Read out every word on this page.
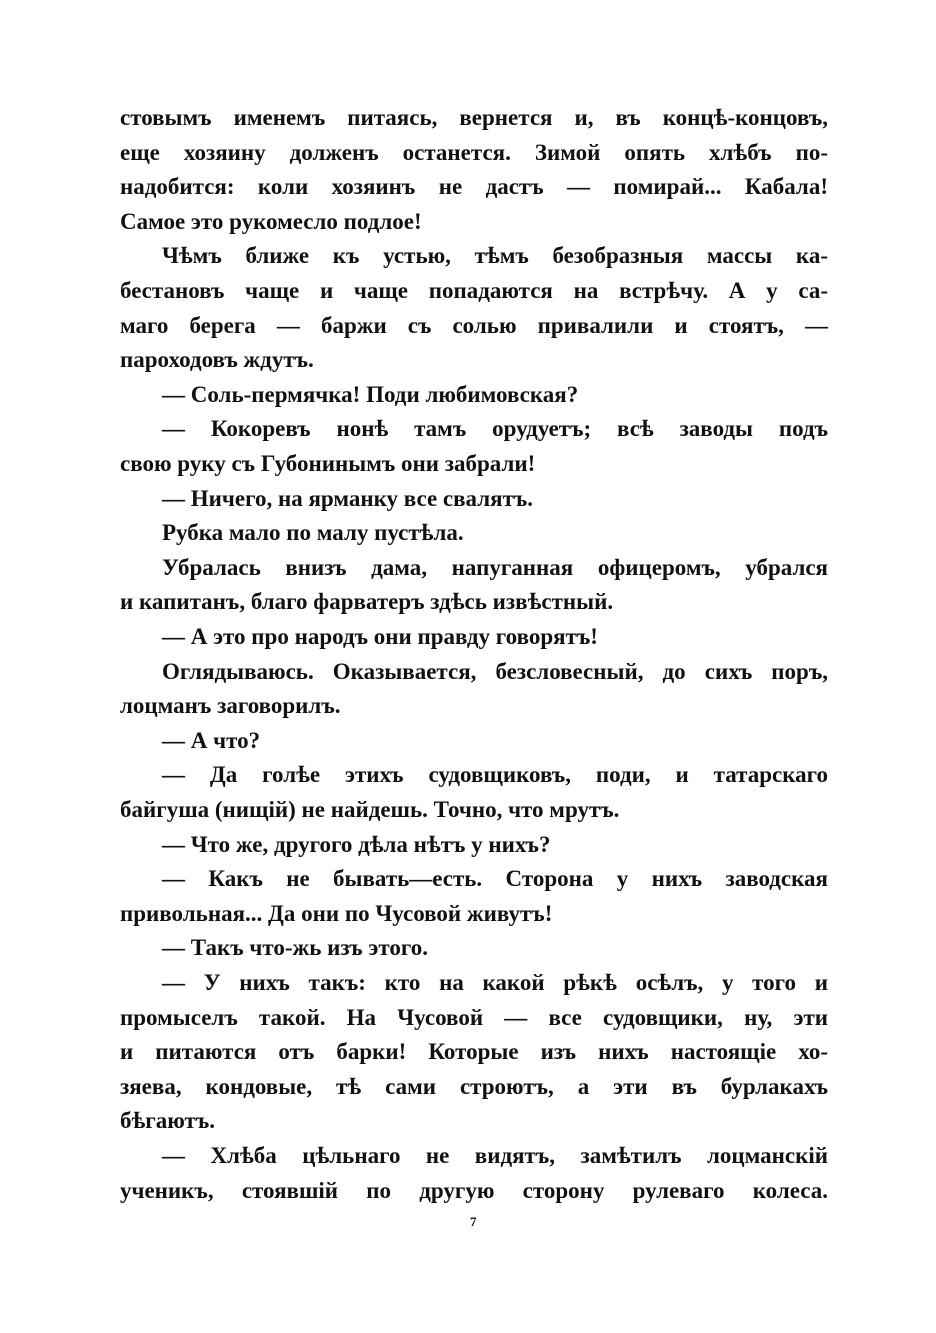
стовымъ именемъ питаясь, вернется и, въ концѣ-концовъ,
еще хозяину долженъ останется. Зимой опять хлѣбъ по-
надобится: коли хозяинъ не дастъ — помирай... Кабала!
Самое это рукомесло подлое!
Чѣмъ ближе къ устью, тѣмъ безобразныя массы ка-
бестановъ чаще и чаще попадаются на встрѣчу. А у са-
маго берега — баржи съ солью привалили и стоятъ, —
пароходовъ ждутъ.
— Соль-пермячка! Поди любимовская?
— Кокоревъ нонѣ тамъ орудуетъ; всѣ заводы подъ
свою руку съ Губонинымъ они забрали!
— Ничего, на ярманку все свалятъ.
Рубка мало по малу пустѣла.
Убралась внизъ дама, напуганная офицеромъ, убрался
и капитанъ, благо фарватеръ здѣсь извѣстный.
— А это про народъ они правду говорятъ!
Оглядываюсь. Оказывается, безсловесный, до сихъ поръ,
лоцманъ заговорилъ.
— А что?
— Да голѣе этихъ судовщиковъ, поди, и татарскаго
байгуша (нищій) не найдешь. Точно, что мрутъ.
— Что же, другого дѣла нѣтъ у нихъ?
— Какъ не бывать—есть. Сторона у нихъ заводская
привольная... Да они по Чусовой живутъ!
— Такъ что-жь изъ этого.
— У нихъ такъ: кто на какой рѣкѣ осѣлъ, у того и
промыселъ такой. На Чусовой — все судовщики, ну, эти
и питаются отъ барки! Которые изъ нихъ настоящіе хо-
зяева, кондовые, тѣ сами строютъ, а эти въ бурлакахъ
бѣгаютъ.
— Хлѣба цѣльнаго не видятъ, замѣтилъ лоцманскій
ученикъ, стоявшій по другую сторону рулеваго колеса.
7
